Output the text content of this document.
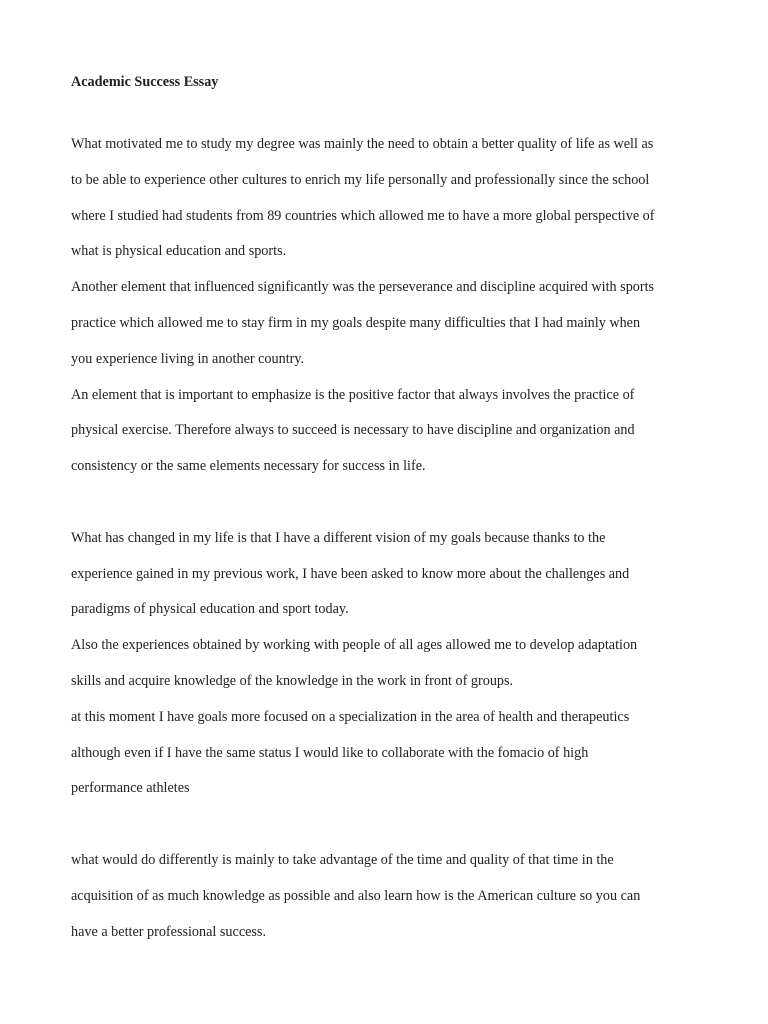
Academic Success Essay

What motivated me to study my degree was mainly the need to obtain a better quality of life as well as
to be able to experience other cultures to enrich my life personally and professionally since the school
where I studied had students from 89 countries which allowed me to have a more global perspective of
what is physical education and sports.

Another element that influenced significantly was the perseverance and discipline acquired with sports
practice which allowed me to stay firm in my goals despite many difficulties that I had mainly when
you experience living in another country.

An element that is important to emphasize is the positive factor that always involves the practice of
physical exercise. Therefore always to succeed is necessary to have discipline and organization and
consistency or the same elements necessary for success in life.

What has changed in my life is that I have a different vision of my goals because thanks to the
experience gained in my previous work, I have been asked to know more about the challenges and
paradigms of physical education and sport today.

Also the experiences obtained by working with people of all ages allowed me to develop adaptation
skills and acquire knowledge of the knowledge in the work in front of groups.

at this moment I have goals more focused on a specialization in the area of health and therapeutics
although even if I have the same status I would like to collaborate with the fomacio of high
performance athletes

what would do differently is mainly to take advantage of the time and quality of that time in the
acquisition of as much knowledge as possible and also learn how is the American culture so you can
have a better professional success.
